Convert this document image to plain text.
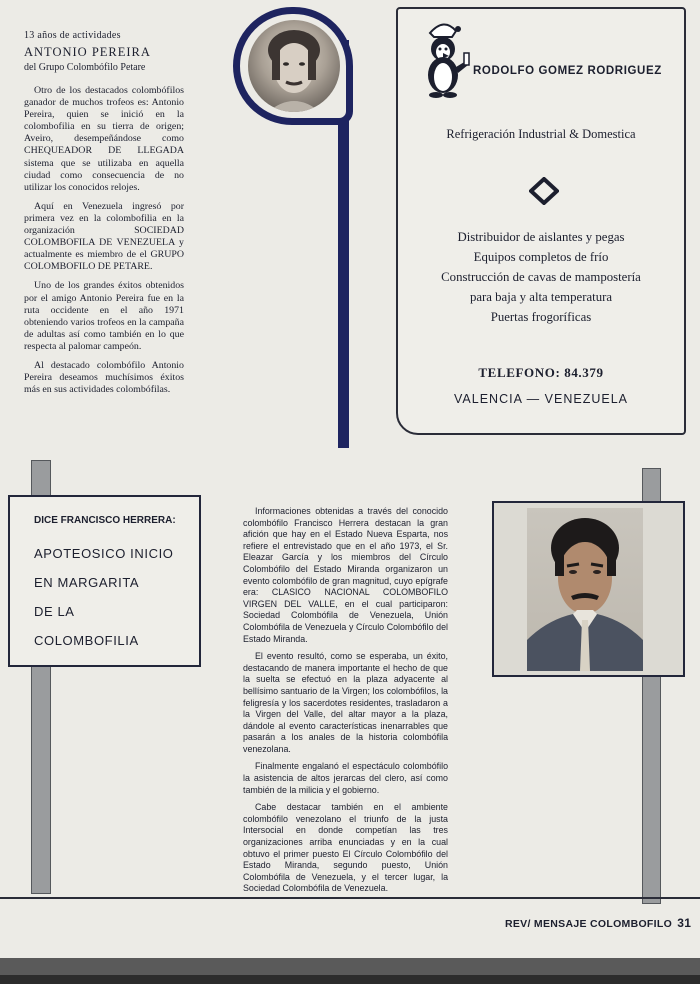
13 años de actividades

ANTONIO PEREIRA

del Grupo Colombófilo Petare

Otro de los destacados colombófilos ganador de muchos trofeos es: Antonio Pereira, quien se inició en la colombofilia en su tierra de origen; Aveiro, desempeñándose como CHEQUEADOR DE LLEGADA sistema que se utilizaba en aquella ciudad como consecuencia de no utilizar los conocidos relojes.

Aquí en Venezuela ingresó por primera vez en la colombofilia en la organización SOCIEDAD COLOMBOFILA DE VENEZUELA y actualmente es miembro de el GRUPO COLOMBOFILO DE PETARE.

Uno de los grandes éxitos obtenidos por el amigo Antonio Pereira fue en la ruta occidente en el año 1971 obteniendo varios trofeos en la campaña de adultas así como también en lo que respecta al palomar campeón.

Al destacado colombófilo Antonio Pereira deseamos muchísimos éxitos más en sus actividades colombófilas.

RODOLFO GOMEZ RODRIGUEZ
Refrigeración Industrial & Domestica
Distribuidor de aislantes y pegas
Equipos completos de frío
Construcción de cavas de mampostería
para baja y alta temperatura
Puertas frogoríficas
TELEFONO: 84.379
VALENCIA — VENEZUELA
DICE FRANCISCO HERRERA:
APOTEOSICO INICIO
EN MARGARITA
DE LA
COLOMBOFILIA

Informaciones obtenidas a través del conocido colombófilo Francisco Herrera destacan la gran afición que hay en el Estado Nueva Esparta, nos refiere el entrevistado que en el año 1973, el Sr. Eleazar García y los miembros del Círculo Colombófilo del Estado Miranda organizaron un evento colombófilo de gran magnitud, cuyo epígrafe era: CLASICO NACIONAL COLOMBOFILO VIRGEN DEL VALLE, en el cual participaron: Sociedad Colombófila de Venezuela, Unión Colombófila de Venezuela y Círculo Colombófilo del Estado Miranda.

El evento resultó, como se esperaba, un éxito, destacando de manera importante el hecho de que la suelta se efectuó en la plaza adyacente al bellísimo santuario de la Virgen; los colombófilos, la feligresía y los sacerdotes residentes, trasladaron a la Virgen del Valle, del altar mayor a la plaza, dándole al evento características inenarrables que pasarán a los anales de la historia colombófila venezolana.

Finalmente engalanó el espectáculo colombófilo la asistencia de altos jerarcas del clero, así como también de la milicia y el gobierno.

Cabe destacar también en el ambiente colombófilo venezolano el triunfo de la justa Intersocial en donde competían las tres organizaciones arriba enunciadas y en la cual obtuvo el primer puesto El Círculo Colombófilo del Estado Miranda, segundo puesto, Unión Colombófila de Venezuela, y el tercer lugar, la Sociedad Colombófila de Venezuela.

REV/ MENSAJE COLOMBOFILO 31
